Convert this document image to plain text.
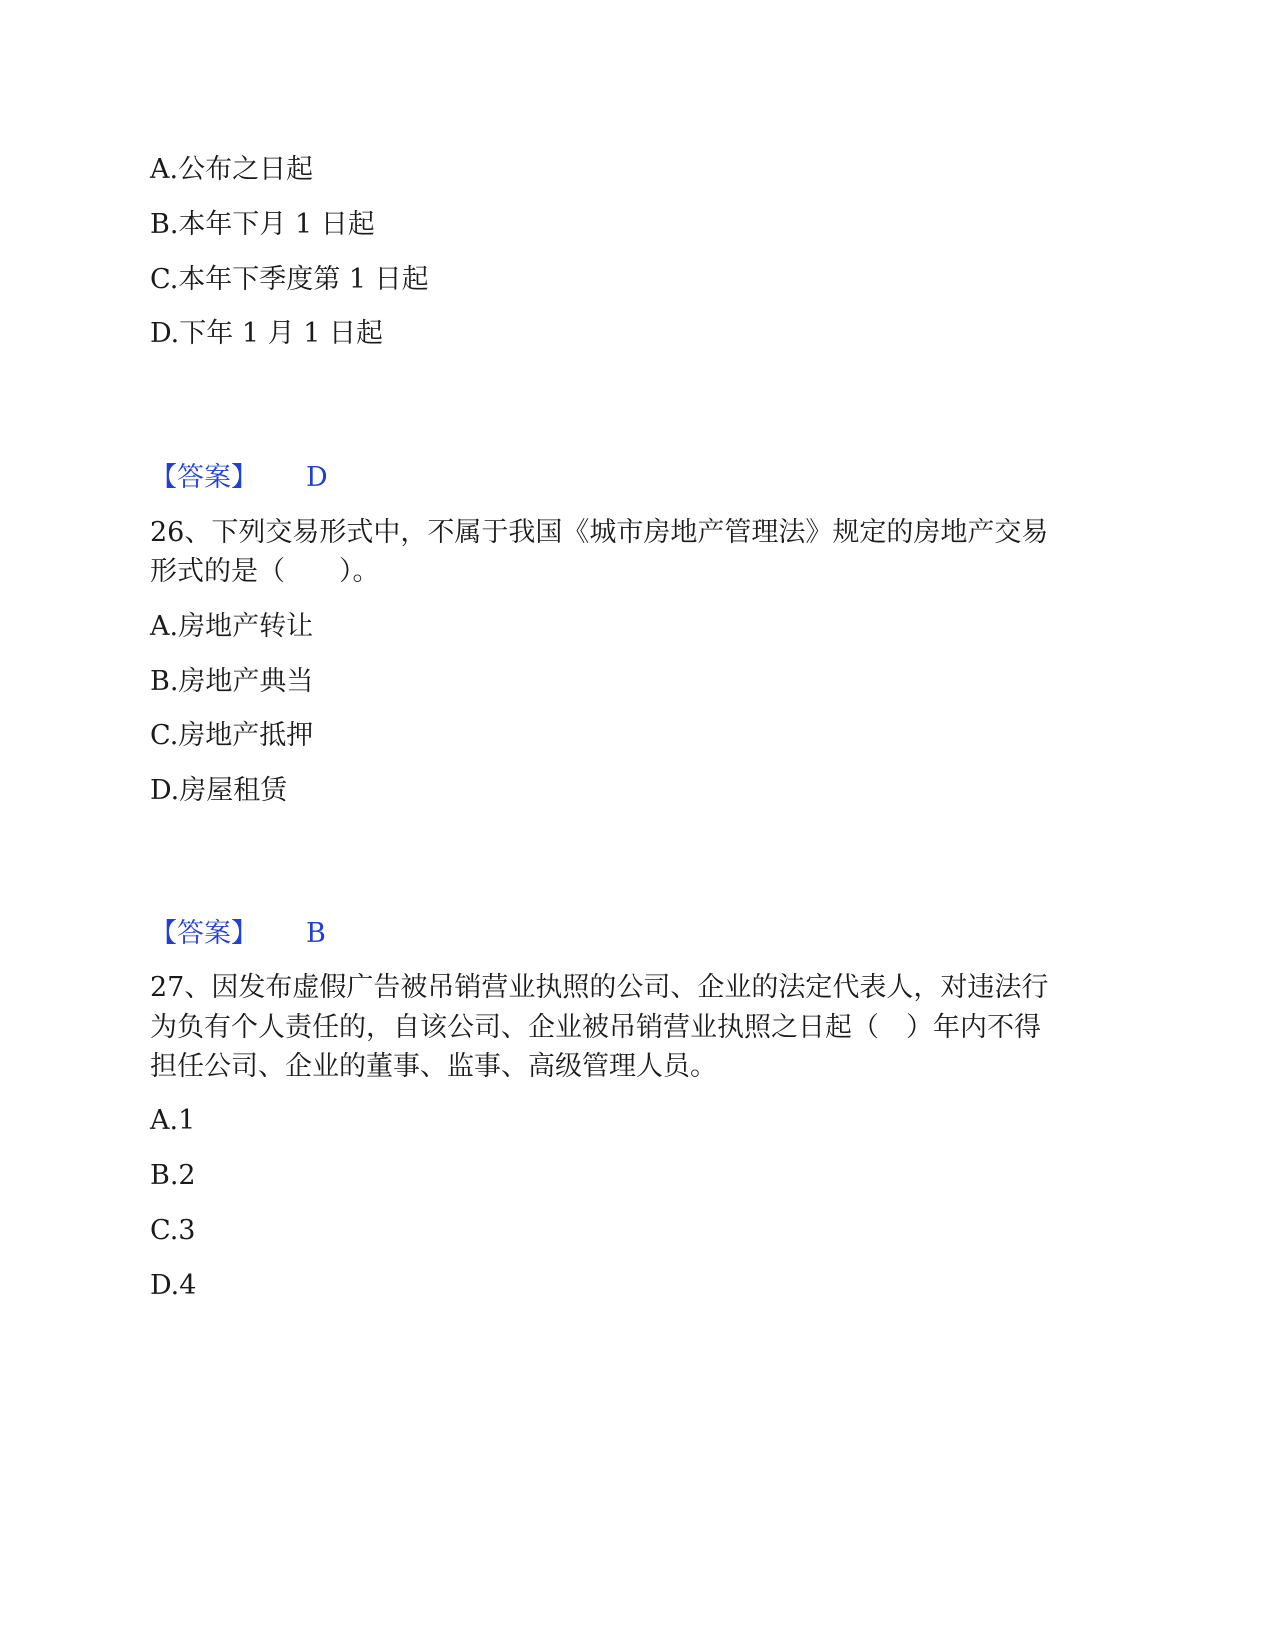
A.公布之日起
B.本年下月 1 日起
C.本年下季度第 1 日起
D.下年 1 月 1 日起
【答案】 D
26、下列交易形式中，不属于我国《城市房地产管理法》规定的房地产交易
形式的是（　　）。
A.房地产转让
B.房地产典当
C.房地产抵押
D.房屋租赁
【答案】 B
27、因发布虚假广告被吊销营业执照的公司、企业的法定代表人，对违法行
为负有个人责任的，自该公司、企业被吊销营业执照之日起（　）年内不得
担任公司、企业的董事、监事、高级管理人员。
A.1
B.2
C.3
D.4
